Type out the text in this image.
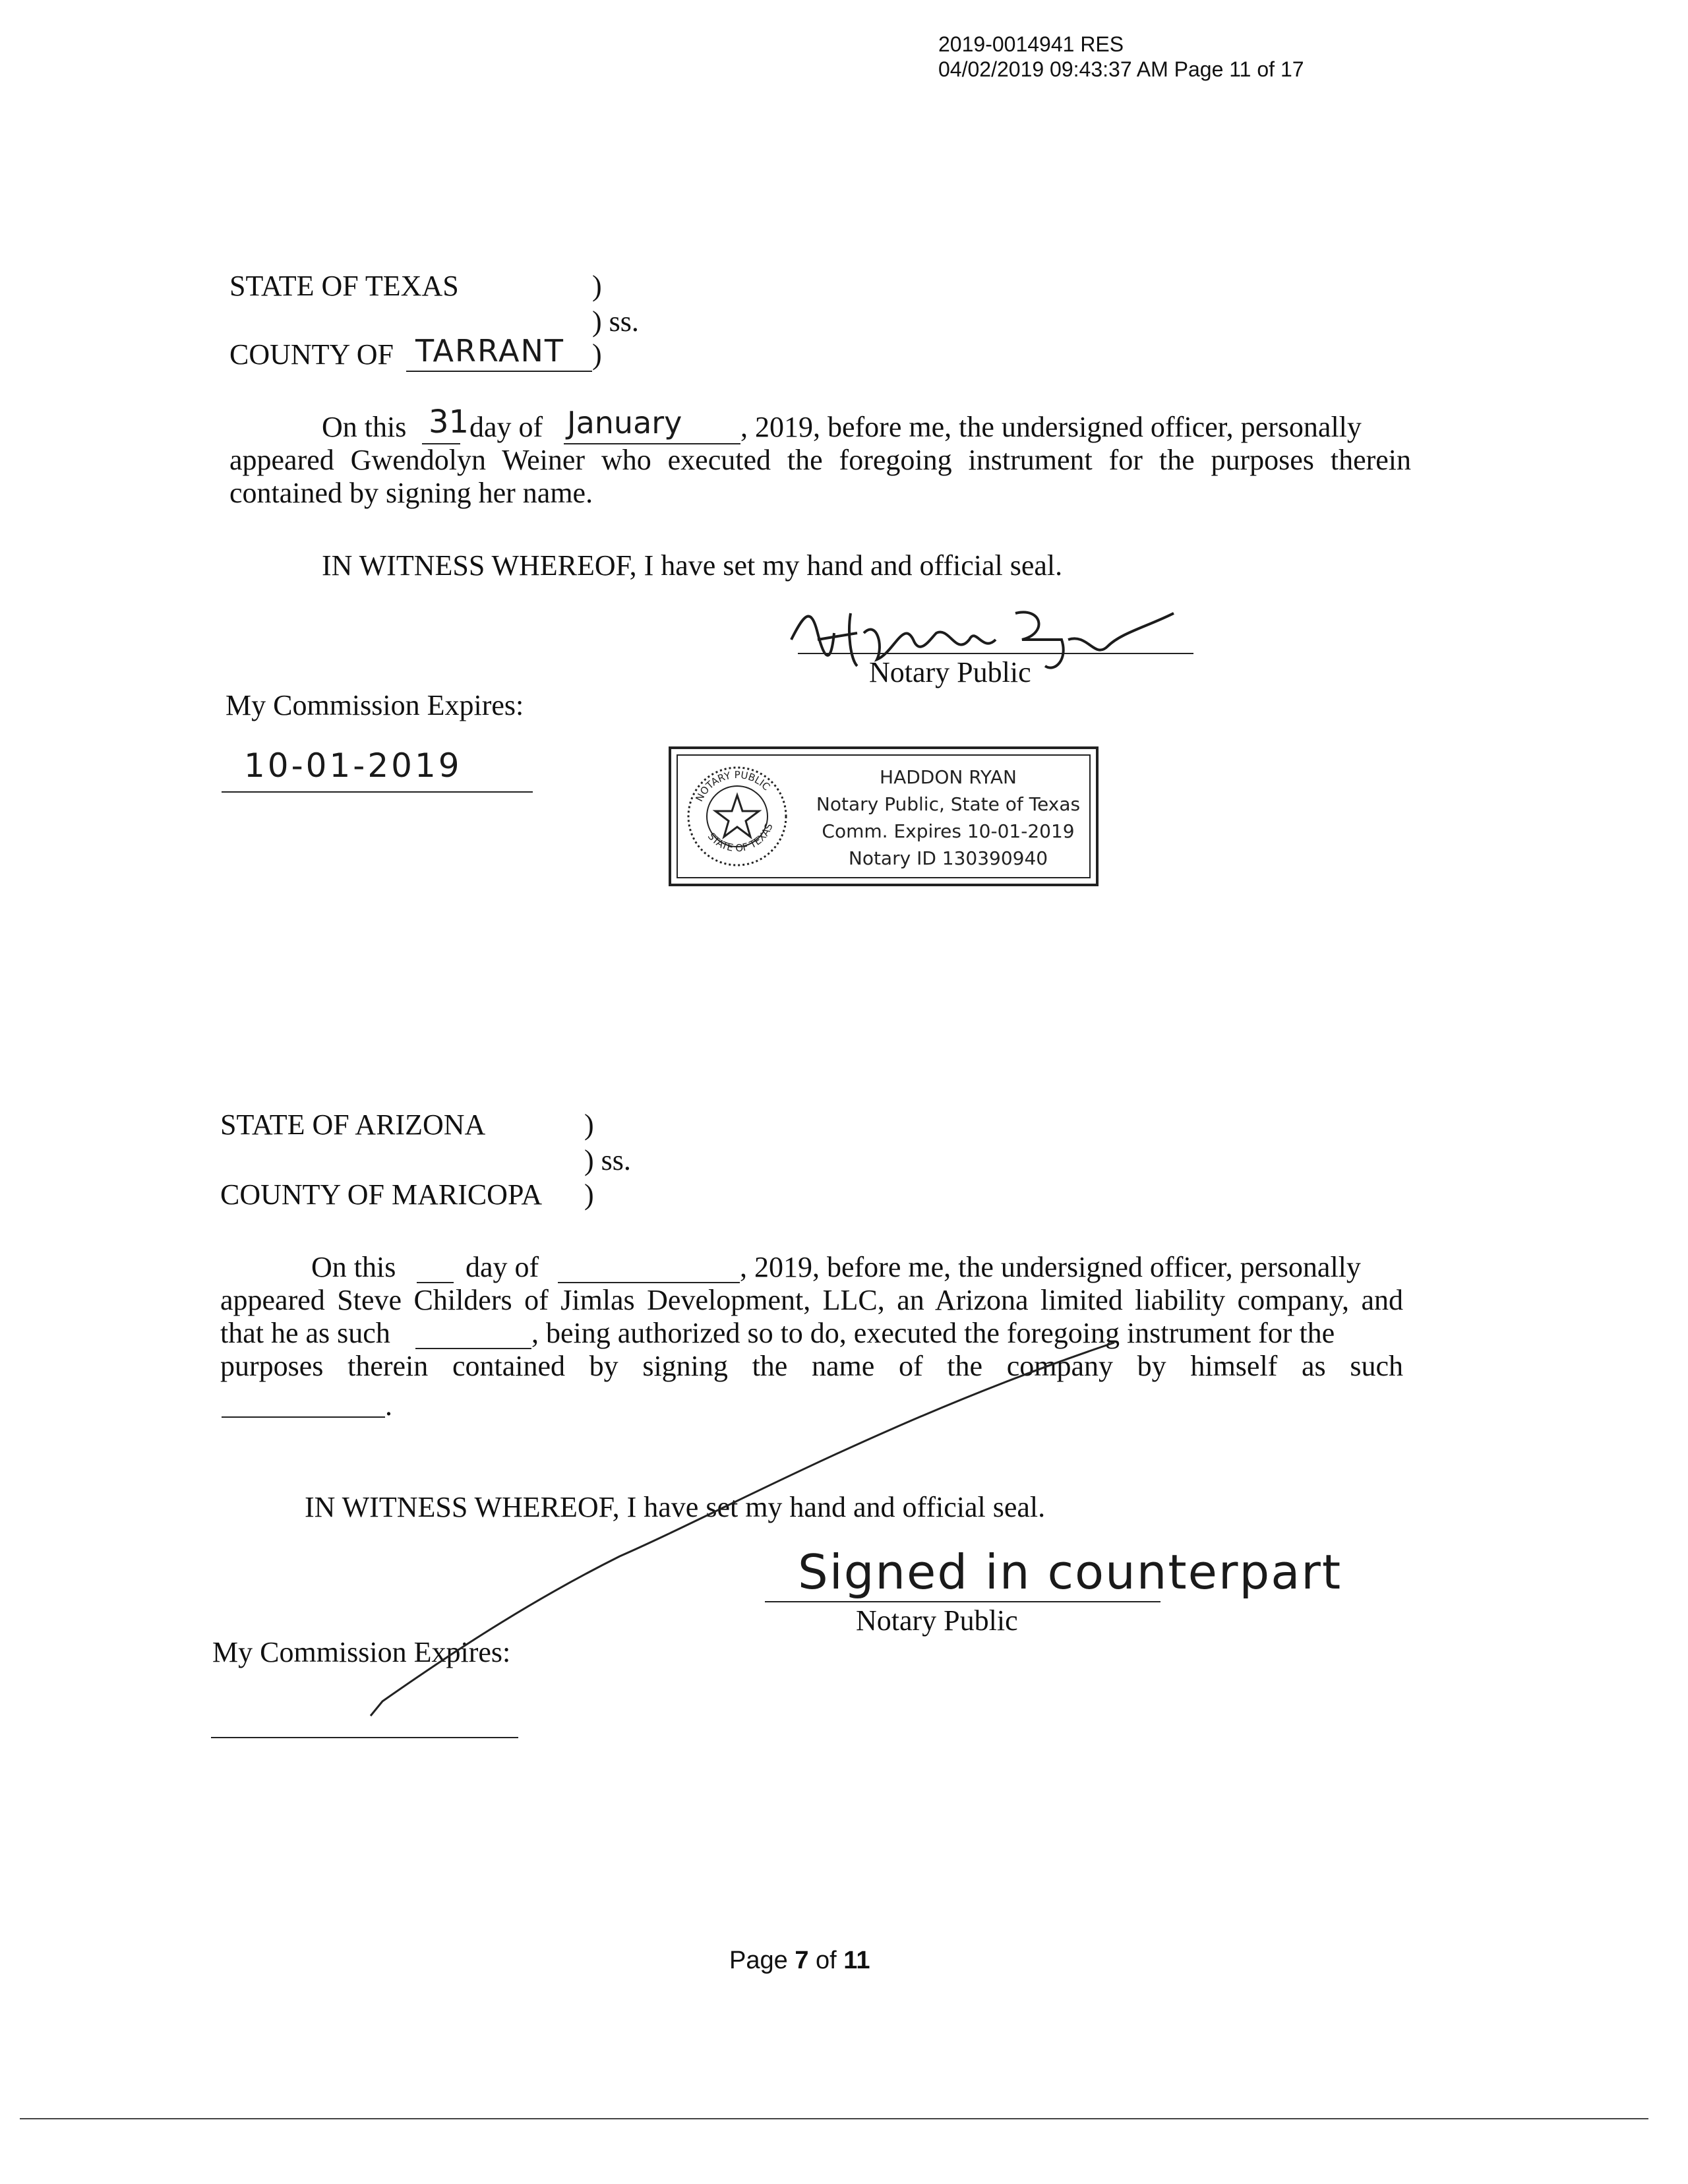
2019-0014941 RES
04/02/2019 09:43:37 AM Page 11 of 17
STATE OF TEXAS	)
) ss.
COUNTY OF TARRANT )
On this 31 day of January , 2019, before me, the undersigned officer, personally
appeared Gwendolyn Weiner who executed the foregoing instrument for the purposes therein
contained by signing her name.
IN WITNESS WHEREOF, I have set my hand and official seal.
Notary Public
My Commission Expires:
10-01-2019
NOTARY PUBLIC
STATE OF TEXAS
HADDON RYAN
Notary Public, State of Texas
Comm. Expires 10-01-2019
Notary ID 130390940
STATE OF ARIZONA	)
) ss.
COUNTY OF MARICOPA )
On this day of	, 2019, before me, the undersigned officer, personally
appeared Steve Childers of Jimlas Development, LLC, an Arizona limited liability company, and
that he as such	, being authorized so to do, executed the foregoing instrument for the
purposes therein contained by signing the name of the company by himself as such
.
IN WITNESS WHEREOF, I have set my hand and official seal.
Signed in counterpart
Notary Public
My Commission Expires:
Page 7 of 11
